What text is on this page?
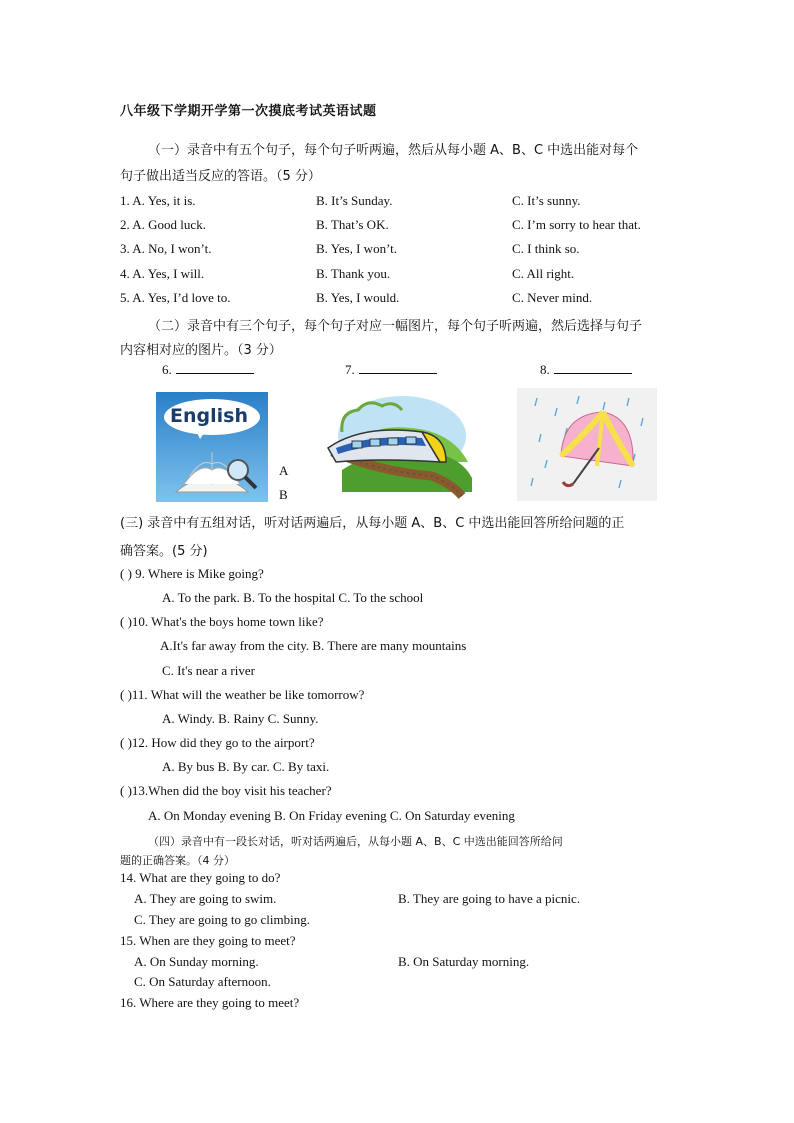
八年级下学期开学第一次摸底考试英语试题
（一）录音中有五个句子，每个句子听两遍，然后从每小题 A、B、C 中选出能对每个
句子做出适当反应的答语。（5 分）
1. A. Yes, it is.	B. It’s Sunday.	C. It’s sunny.
2. A. Good luck.	B. That’s OK.	C. I’m sorry to hear that.
3. A. No, I won’t.	B. Yes, I won’t.	C. I think so.
4. A. Yes, I will.	B. Thank you.	C. All right.
5. A. Yes, I’d love to.	B. Yes, I would.	C. Never mind.
（二）录音中有三个句子，每个句子对应一幅图片，每个句子听两遍，然后选择与句子
内容相对应的图片。（3 分）
6.	7.	8.
English
A
B
(三) 录音中有五组对话，听对话两遍后，从每小题 A、B、C 中选出能回答所给问题的正
确答案。(5 分)
( ) 9. Where is Mike going?
A. To the park. B. To the hospital C. To the school
( )10. What's the boys home town like?
A.It's far away from the city. B. There are many mountains
C. It's near a river
( )11. What will the weather be like tomorrow?
A. Windy. B. Rainy C. Sunny.
( )12. How did they go to the airport?
A. By bus B. By car. C. By taxi.
( )13.When did the boy visit his teacher?
A. On Monday evening B. On Friday evening C. On Saturday evening
（四）录音中有一段长对话，听对话两遍后，从每小题 A、B、C 中选出能回答所给问
题的正确答案。（4 分）
14. What are they going to do?
A. They are going to swim.	B. They are going to have a picnic.
C. They are going to go climbing.
15. When are they going to meet?
A. On Sunday morning.	B. On Saturday morning.
C. On Saturday afternoon.
16. Where are they going to meet?
